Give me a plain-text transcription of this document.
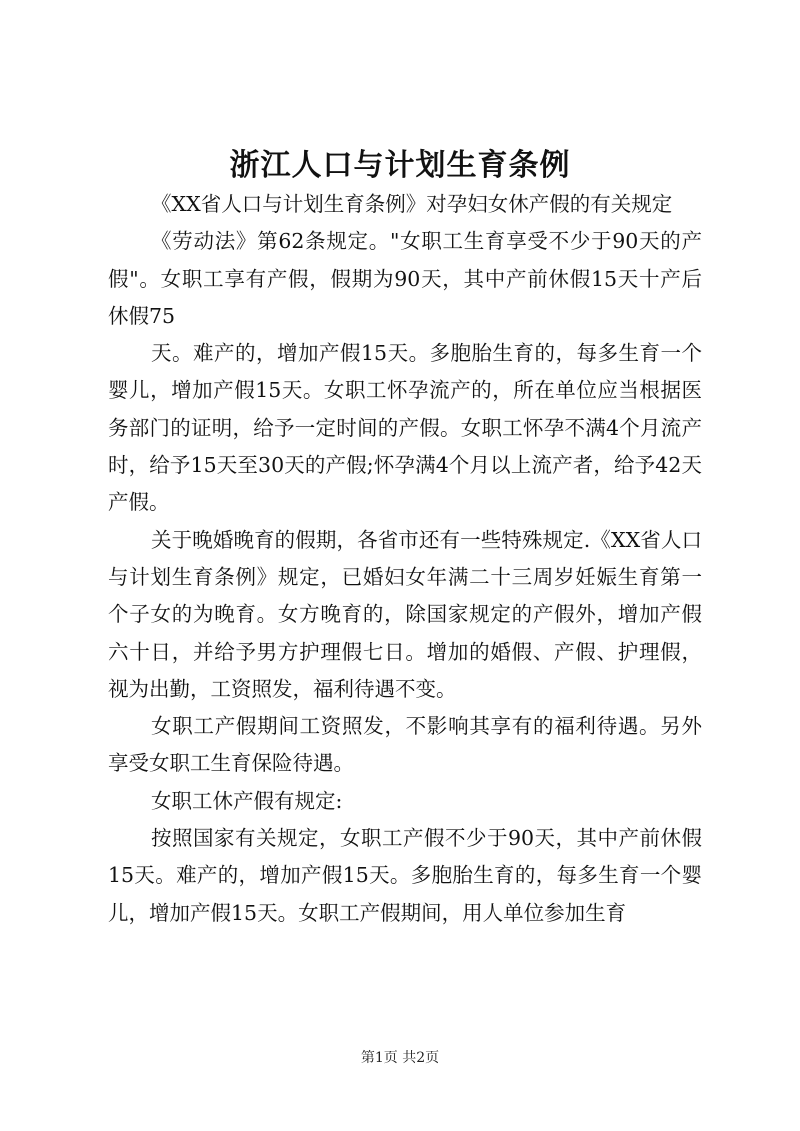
浙江人口与计划生育条例

《XX省人口与计划生育条例》对孕妇女休产假的有关规定

《劳动法》第62条规定。"女职工生育享受不少于90天的产假"。女职工享有产假，假期为90天，其中产前休假15天十产后休假75

天。难产的，增加产假15天。多胞胎生育的，每多生育一个婴儿，增加产假15天。女职工怀孕流产的，所在单位应当根据医务部门的证明，给予一定时间的产假。女职工怀孕不满4个月流产时，给予15天至30天的产假;怀孕满4个月以上流产者，给予42天产假。

关于晚婚晚育的假期，各省市还有一些特殊规定.《XX省人口与计划生育条例》规定，已婚妇女年满二十三周岁妊娠生育第一个子女的为晚育。女方晚育的，除国家规定的产假外，增加产假六十日，并给予男方护理假七日。增加的婚假、产假、护理假，视为出勤，工资照发，福利待遇不变。

女职工产假期间工资照发，不影响其享有的福利待遇。另外享受女职工生育保险待遇。

女职工休产假有规定:

按照国家有关规定，女职工产假不少于90天，其中产前休假15天。难产的，增加产假15天。多胞胎生育的，每多生育一个婴儿，增加产假15天。女职工产假期间，用人单位参加生育

第1页 共2页
